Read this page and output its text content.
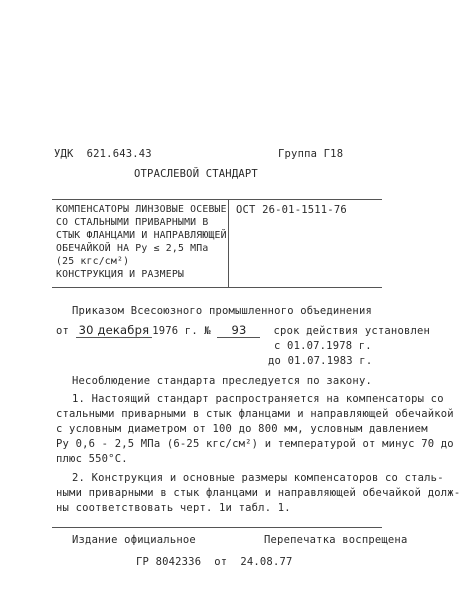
УДК  621.643.43	Группа Г18
ОТРАСЛЕВОЙ СТАНДАРТ
КОМПЕНСАТОРЫ ЛИНЗОВЫЕ ОСЕВЫЕ
СО СТАЛЬНЫМИ ПРИВАРНЫМИ В
СТЫК ФЛАНЦАМИ И НАПРАВЛЯЮЩЕЙ
ОБЕЧАЙКОЙ НА Py ≤ 2,5 МПа
(25 кгс/см²)
КОНСТРУКЦИЯ И РАЗМЕРЫ
ОСТ 26-01-1511-76
Приказом Всесоюзного промышленного объединения
от 30 декабря 1976 г. № 93	срок действия установлен
с 01.07.1978 г.
до 01.07.1983 г.
Несоблюдение стандарта преследуется по закону.
1. Настоящий стандарт распространяется на компенсаторы со
стальными приварными в стык фланцами и направляющей обечайкой
с условным диаметром от 100 до 800 мм, условным давлением
Py 0,6 - 2,5 МПа (6-25 кгс/см²) и температурой от минус 70 до
плюс 550°С.
2. Конструкция и основные размеры компенсаторов со сталь-
ными приварными в стык фланцами и направляющей обечайкой долж-
ны соответствовать черт. 1и табл. 1.
Издание официальное	Перепечатка воспрещена
ГР 8042336  от  24.08.77
